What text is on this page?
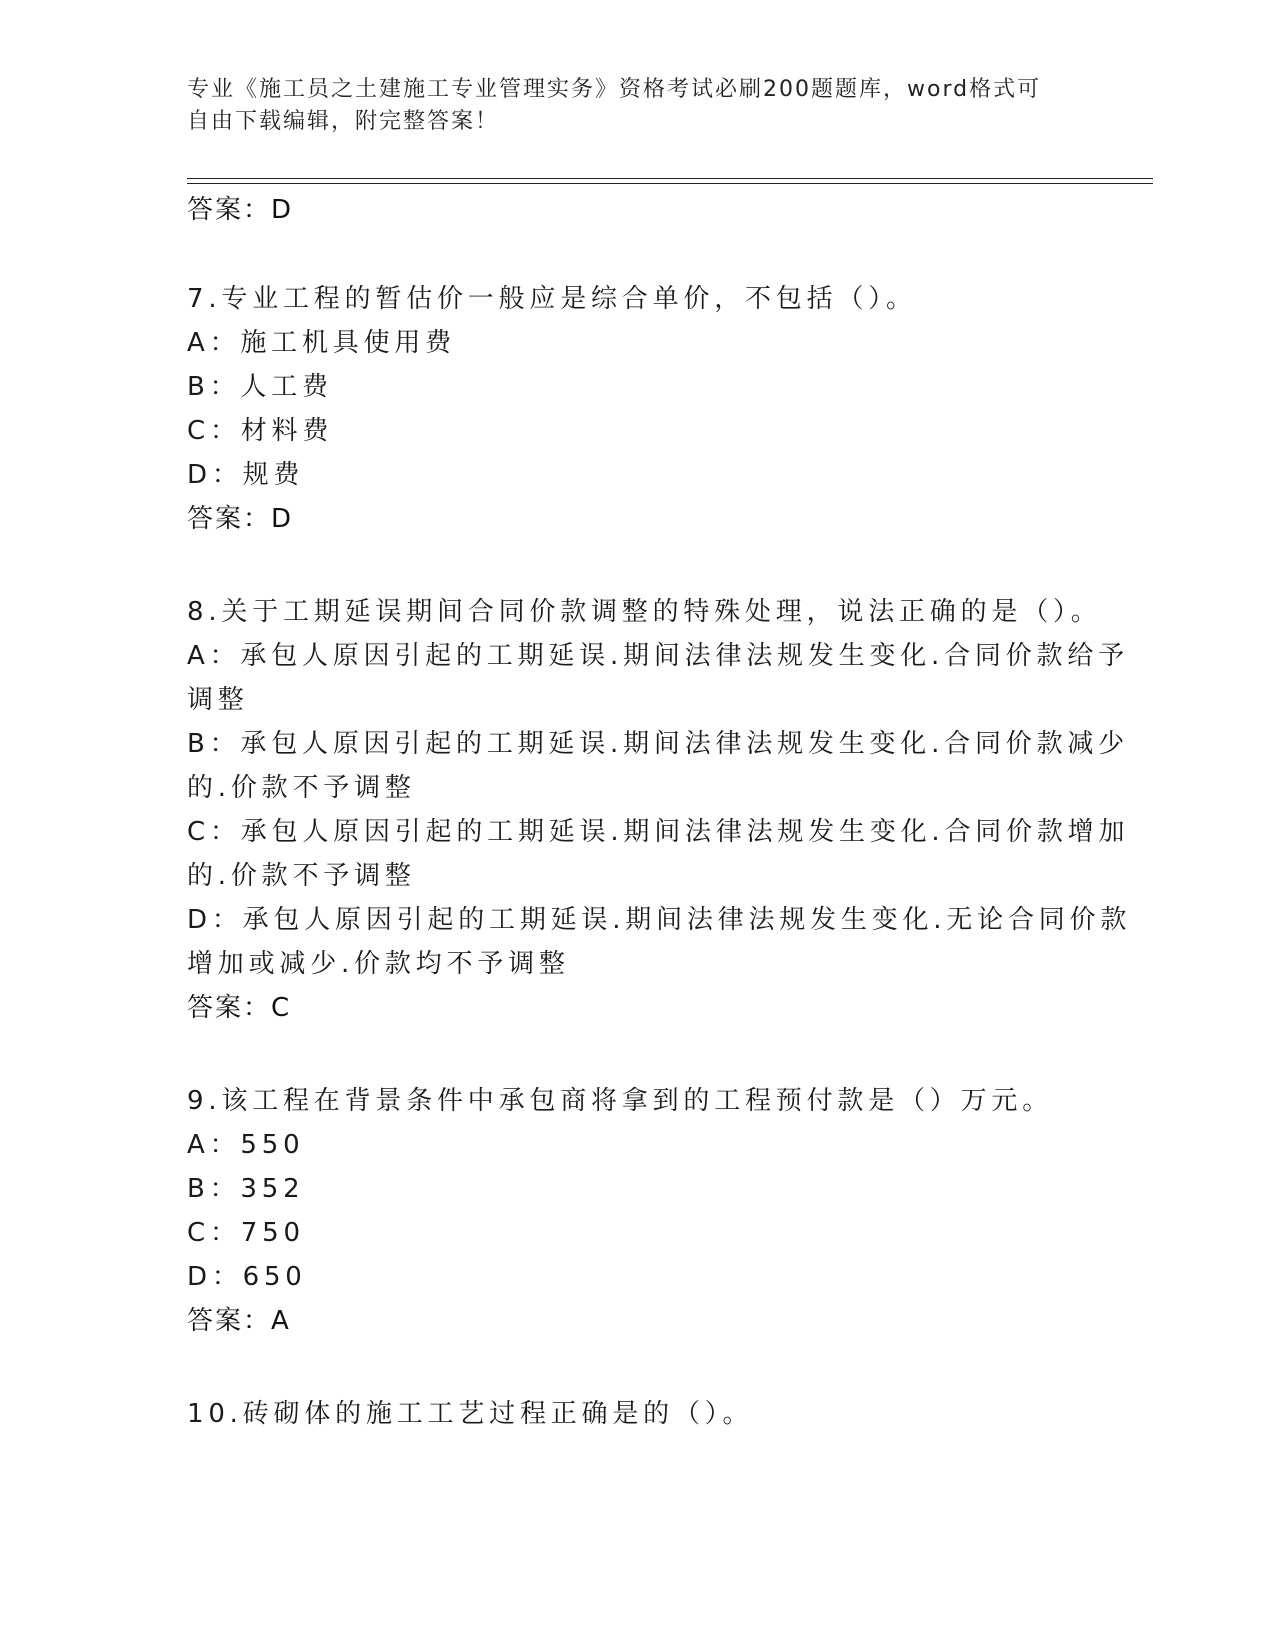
专业《施工员之土建施工专业管理实务》资格考试必刷200题题库，word格式可
自由下载编辑，附完整答案！
答案：D
7.专业工程的暂估价一般应是综合单价，不包括（）。
A：施工机具使用费
B：人工费
C：材料费
D：规费
答案：D
8.关于工期延误期间合同价款调整的特殊处理，说法正确的是（）。
A：承包人原因引起的工期延误.期间法律法规发生变化.合同价款给予
调整
B：承包人原因引起的工期延误.期间法律法规发生变化.合同价款减少
的.价款不予调整
C：承包人原因引起的工期延误.期间法律法规发生变化.合同价款增加
的.价款不予调整
D：承包人原因引起的工期延误.期间法律法规发生变化.无论合同价款
增加或减少.价款均不予调整
答案：C
9.该工程在背景条件中承包商将拿到的工程预付款是（）万元。
A：550
B：352
C：750
D：650
答案：A
10.砖砌体的施工工艺过程正确是的（）。
